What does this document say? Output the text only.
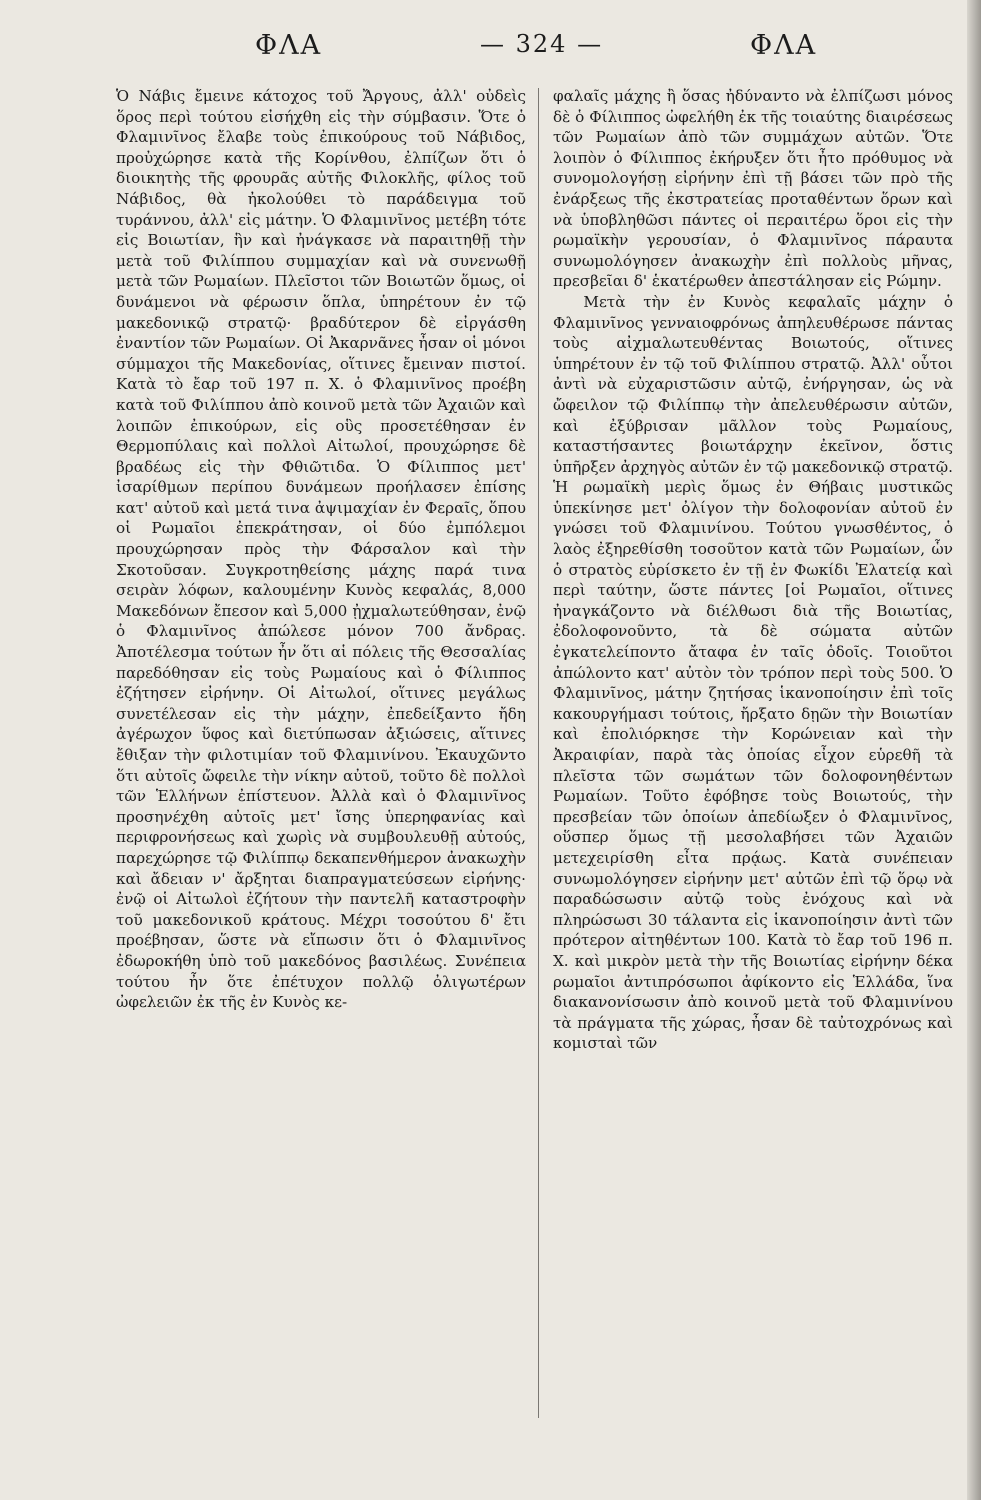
ΦΛΑ	— 324 —	ΦΛΑ

Ὁ Νάβις ἔμεινε κάτοχος τοῦ Ἄργους, ἀλλ' οὐδεὶς ὅρος περὶ τούτου εἰσήχθη εἰς τὴν σύμβασιν. Ὅτε ὁ Φλαμινῖνος ἔλαβε τοὺς ἐπικούρους τοῦ Νάβιδος, προὐχώρησε κατὰ τῆς Κορίνθου, ἐλπίζων ὅτι ὁ διοικητὴς τῆς φρουρᾶς αὐτῆς Φιλοκλῆς, φίλος τοῦ Νάβιδος, θὰ ἠκολούθει τὸ παράδειγμα τοῦ τυράννου, ἀλλ' εἰς μάτην. Ὁ Φλαμινῖνος μετέβη τότε εἰς Βοιωτίαν, ἣν καὶ ἠνάγκασε νὰ παραιτηθῇ τὴν μετὰ τοῦ Φιλίππου συμμαχίαν καὶ νὰ συνενωθῇ μετὰ τῶν Ρωμαίων. Πλεῖστοι τῶν Βοιωτῶν ὅμως, οἱ δυνάμενοι νὰ φέρωσιν ὅπλα, ὑπηρέτουν ἐν τῷ μακεδονικῷ στρατῷ· βραδύτερον δὲ εἰργάσθη ἐναντίον τῶν Ρωμαίων. Οἱ Ἀκαρνᾶνες ἦσαν οἱ μόνοι σύμμαχοι τῆς Μακεδονίας, οἵτινες ἔμειναν πιστοί. Κατὰ τὸ ἔαρ τοῦ 197 π. Χ. ὁ Φλαμινῖνος προέβη κατὰ τοῦ Φιλίππου ἀπὸ κοινοῦ μετὰ τῶν Ἀχαιῶν καὶ λοιπῶν ἐπικούρων, εἰς οὓς προσετέθησαν ἐν Θερμοπύλαις καὶ πολλοὶ Αἰτωλοί, προυχώρησε δὲ βραδέως εἰς τὴν Φθιῶτιδα. Ὁ Φίλιππος μετ' ἰσαρίθμων περίπου δυνάμεων προήλασεν ἐπίσης κατ' αὐτοῦ καὶ μετά τινα ἀψιμαχίαν ἐν Φεραῖς, ὅπου οἱ Ρωμαῖοι ἐπεκράτησαν, οἱ δύο ἐμπόλεμοι προυχώρησαν πρὸς τὴν Φάρσαλον καὶ τὴν Σκοτοῦσαν. Συγκροτηθείσης μάχης παρά τινα σειρὰν λόφων, καλουμένην Κυνὸς κεφαλάς, 8,000 Μακεδόνων ἔπεσον καὶ 5,000 ᾐχμαλωτεύθησαν, ἐνῷ ὁ Φλαμινῖνος ἀπώλεσε μόνον 700 ἄνδρας. Ἀποτέλεσμα τούτων ἦν ὅτι αἱ πόλεις τῆς Θεσσαλίας παρεδόθησαν εἰς τοὺς Ρωμαίους καὶ ὁ Φίλιππος ἐζήτησεν εἰρήνην. Οἱ Αἰτωλοί, οἵτινες μεγάλως συνετέλεσαν εἰς τὴν μάχην, ἐπεδείξαντο ἤδη ἀγέρωχον ὕφος καὶ διετύπωσαν ἀξιώσεις, αἵτινες ἔθιξαν τὴν φιλοτιμίαν τοῦ Φλαμινίνου. Ἐκαυχῶντο ὅτι αὐτοῖς ὤφειλε τὴν νίκην αὐτοῦ, τοῦτο δὲ πολλοὶ τῶν Ἑλλήνων ἐπίστευον. Ἀλλὰ καὶ ὁ Φλαμινῖνος προσηνέχθη αὐτοῖς μετ' ἴσης ὑπερηφανίας καὶ περιφρονήσεως καὶ χωρὶς νὰ συμβουλευθῇ αὐτούς, παρεχώρησε τῷ Φιλίππῳ δεκαπενθήμερον ἀνακωχὴν καὶ ἄδειαν ν' ἄρξηται διαπραγματεύσεων εἰρήνης· ἐνῷ οἱ Αἰτωλοὶ ἐζήτουν τὴν παντελῆ καταστροφὴν τοῦ μακεδονικοῦ κράτους. Μέχρι τοσούτου δ' ἔτι προέβησαν, ὥστε νὰ εἴπωσιν ὅτι ὁ Φλαμινῖνος ἐδωροκήθη ὑπὸ τοῦ μακεδόνος βασιλέως. Συνέπεια τούτου ἦν ὅτε ἐπέτυχον πολλῷ ὀλιγωτέρων ὠφελειῶν ἐκ τῆς ἐν Κυνὸς κε-

φαλαῖς μάχης ἢ ὅσας ἠδύναντο νὰ ἐλπίζωσι μόνος δὲ ὁ Φίλιππος ὠφελήθη ἐκ τῆς τοιαύτης διαιρέσεως τῶν Ρωμαίων ἀπὸ τῶν συμμάχων αὐτῶν. Ὅτε λοιπὸν ὁ Φίλιππος ἐκήρυξεν ὅτι ἦτο πρόθυμος νὰ συνομολογήσῃ εἰρήνην ἐπὶ τῇ βάσει τῶν πρὸ τῆς ἐνάρξεως τῆς ἐκστρατείας προταθέντων ὅρων καὶ νὰ ὑποβληθῶσι πάντες οἱ περαιτέρω ὅροι εἰς τὴν ρωμαϊκὴν γερουσίαν, ὁ Φλαμινῖνος πάραυτα συνωμολόγησεν ἀνακωχὴν ἐπὶ πολλοὺς μῆνας, πρεσβεῖαι δ' ἑκατέρωθεν ἀπεστάλησαν εἰς Ρώμην.

Μετὰ τὴν ἐν Κυνὸς κεφαλαῖς μάχην ὁ Φλαμινῖνος γενναιοφρόνως ἀπηλευθέρωσε πάντας τοὺς αἰχμαλωτευθέντας Βοιωτούς, οἵτινες ὑπηρέτουν ἐν τῷ τοῦ Φιλίππου στρατῷ. Ἀλλ' οὗτοι ἀντὶ νὰ εὐχαριστῶσιν αὐτῷ, ἐνήργησαν, ὡς νὰ ὤφειλον τῷ Φιλίππῳ τὴν ἀπελευθέρωσιν αὐτῶν, καὶ ἐξύβρισαν μᾶλλον τοὺς Ρωμαίους, καταστήσαντες βοιωτάρχην ἐκεῖνον, ὅστις ὑπῆρξεν ἀρχηγὸς αὐτῶν ἐν τῷ μακεδονικῷ στρατῷ. Ἡ ρωμαϊκὴ μερὶς ὅμως ἐν Θήβαις μυστικῶς ὑπεκίνησε μετ' ὀλίγον τὴν δολοφονίαν αὐτοῦ ἐν γνώσει τοῦ Φλαμινίνου. Τούτου γνωσθέντος, ὁ λαὸς ἐξηρεθίσθη τοσοῦτον κατὰ τῶν Ρωμαίων, ὧν ὁ στρατὸς εὑρίσκετο ἐν τῇ ἐν Φωκίδι Ἐλατείᾳ καὶ περὶ ταύτην, ὥστε πάντες [οἱ Ρωμαῖοι, οἵτινες ἠναγκάζοντο νὰ διέλθωσι διὰ τῆς Βοιωτίας, ἐδολοφονοῦντο, τὰ δὲ σώματα αὐτῶν ἐγκατελείποντο ἄταφα ἐν ταῖς ὁδοῖς. Τοιοῦτοι ἀπώλοντο κατ' αὐτὸν τὸν τρόπον περὶ τοὺς 500. Ὁ Φλαμινῖνος, μάτην ζητήσας ἱκανοποίησιν ἐπὶ τοῖς κακουργήμασι τούτοις, ἤρξατο δῃῶν τὴν Βοιωτίαν καὶ ἐπολιόρκησε τὴν Κορώνειαν καὶ τὴν Ἀκραιφίαν, παρὰ τὰς ὁποίας εἶχον εὑρεθῆ τὰ πλεῖστα τῶν σωμάτων τῶν δολοφονηθέντων Ρωμαίων. Τοῦτο ἐφόβησε τοὺς Βοιωτούς, τὴν πρεσβείαν τῶν ὁποίων ἀπεδίωξεν ὁ Φλαμινῖνος, οὕσπερ ὅμως τῇ μεσολαβήσει τῶν Ἀχαιῶν μετεχειρίσθη εἶτα πρᾴως. Κατὰ συνέπειαν συνωμολόγησεν εἰρήνην μετ' αὐτῶν ἐπὶ τῷ ὅρῳ νὰ παραδώσωσιν αὐτῷ τοὺς ἐνόχους καὶ νὰ πληρώσωσι 30 τάλαντα εἰς ἱκανοποίησιν ἀντὶ τῶν πρότερον αἰτηθέντων 100. Κατὰ τὸ ἔαρ τοῦ 196 π. Χ. καὶ μικρὸν μετὰ τὴν τῆς Βοιωτίας εἰρήνην δέκα ρωμαῖοι ἀντιπρόσωποι ἀφίκοντο εἰς Ἑλλάδα, ἵνα διακανονίσωσιν ἀπὸ κοινοῦ μετὰ τοῦ Φλαμινίνου τὰ πράγματα τῆς χώρας, ἦσαν δὲ ταὐτοχρόνως καὶ κομισταὶ τῶν
